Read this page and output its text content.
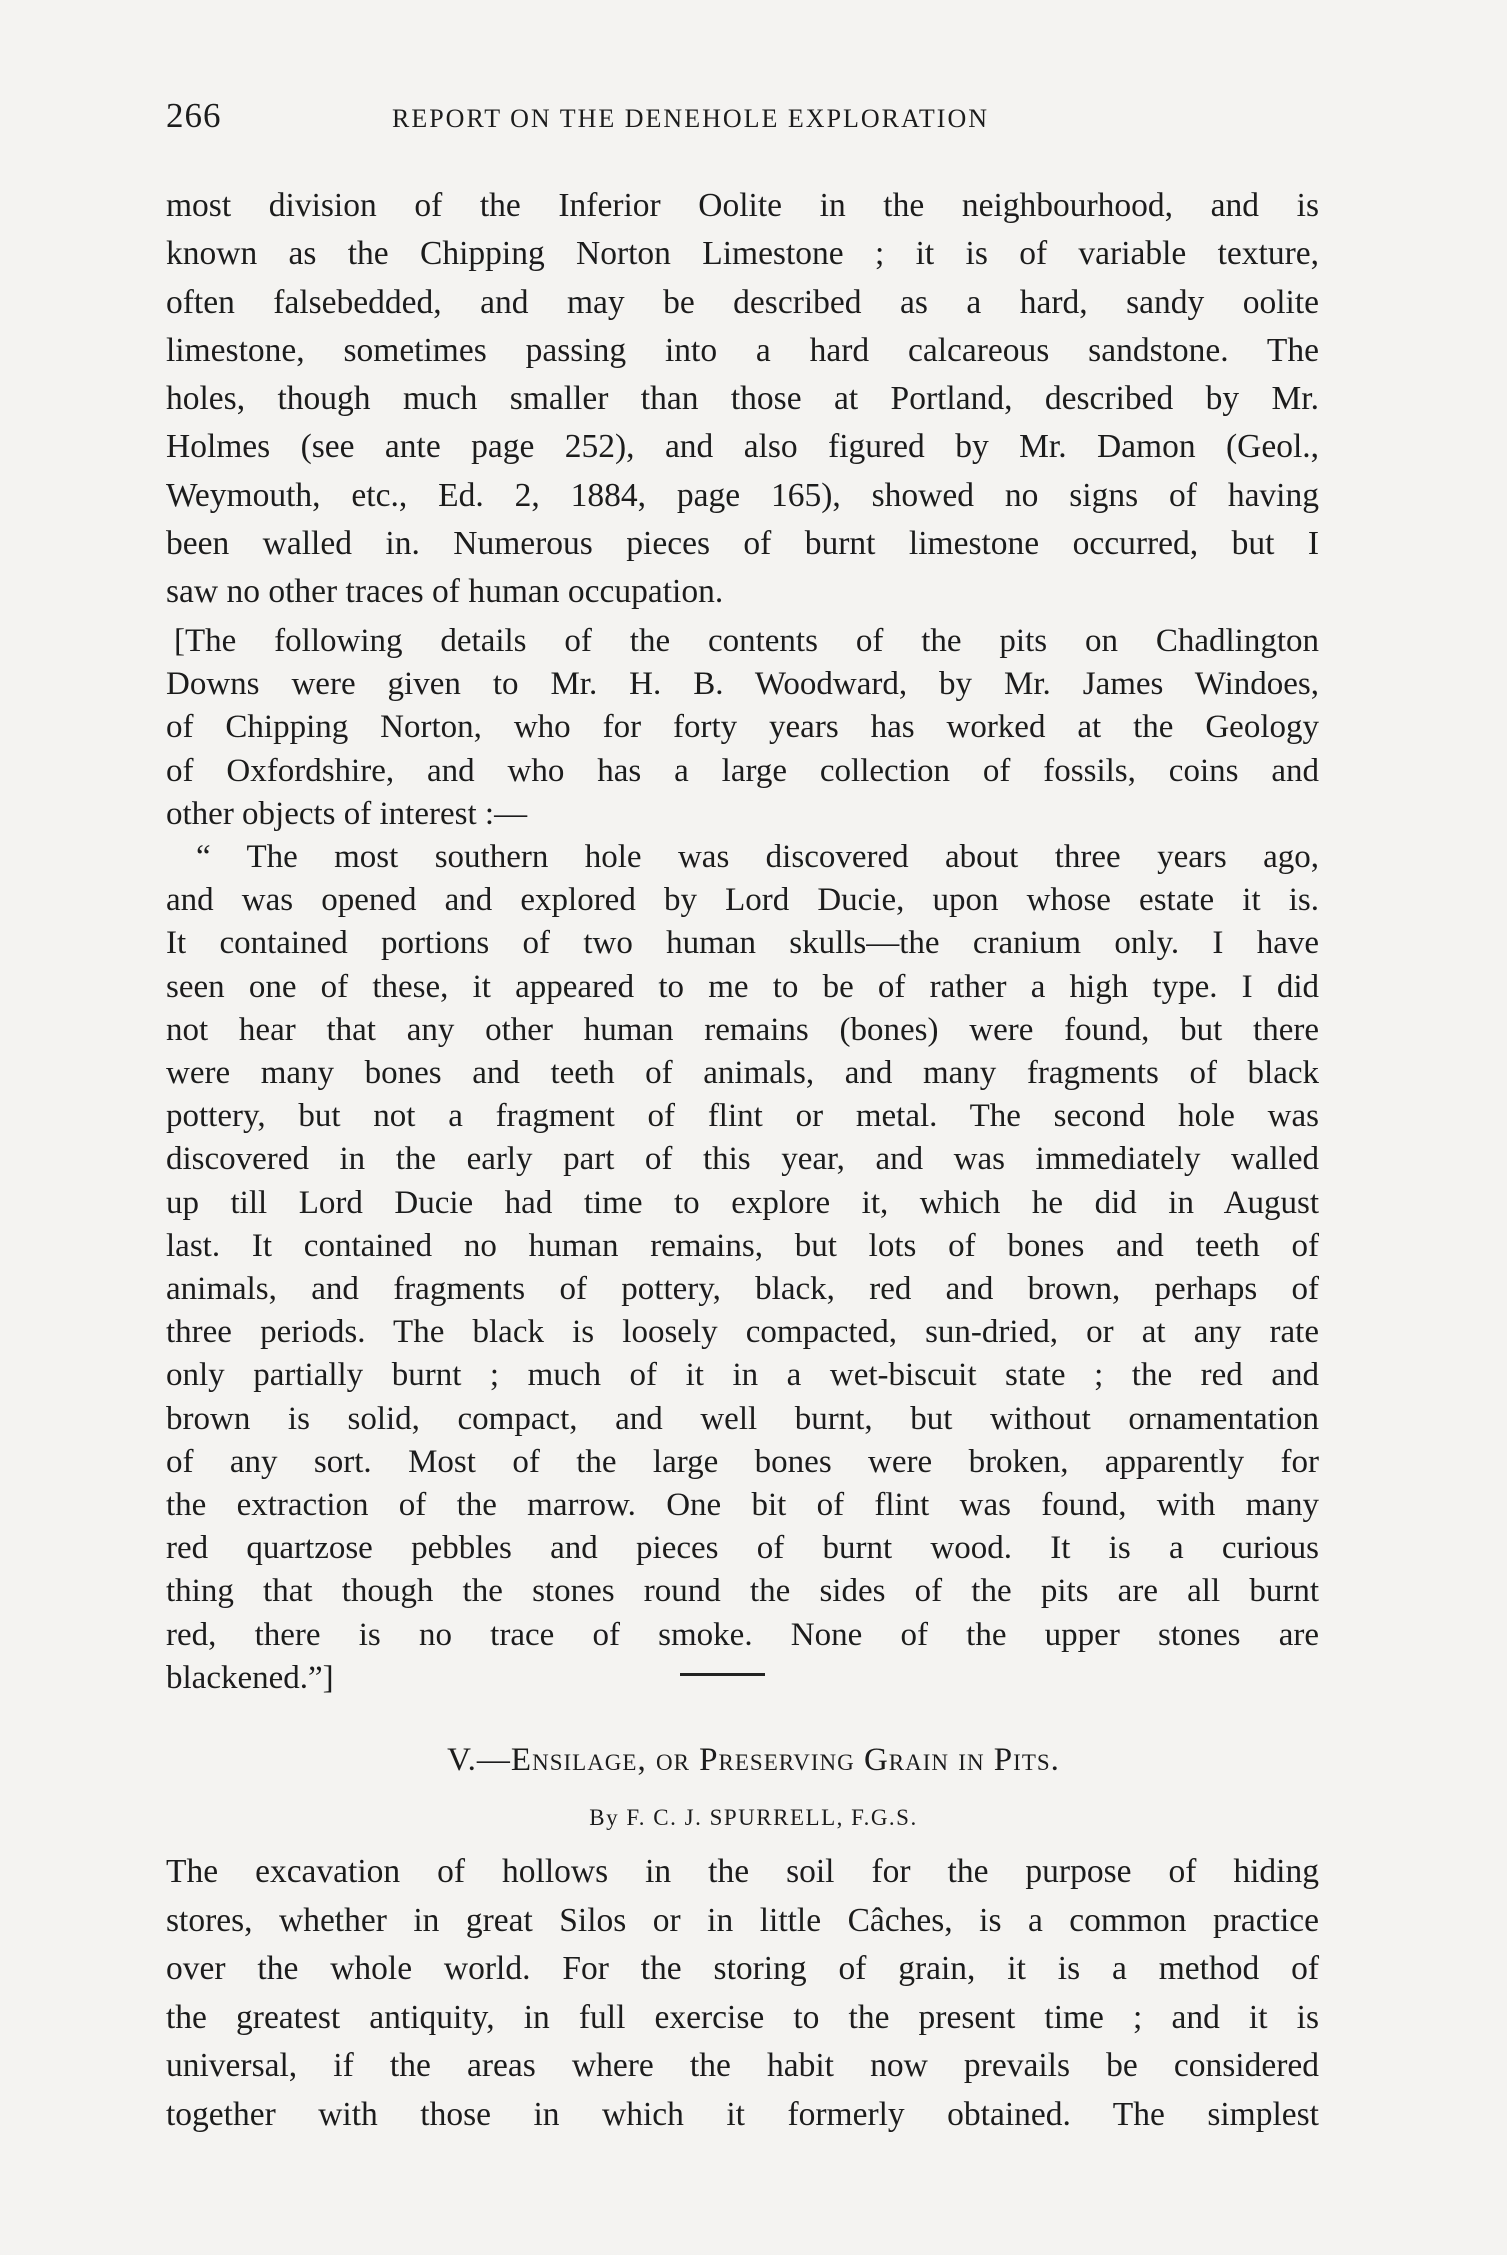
266	REPORT ON THE DENEHOLE EXPLORATION
most division of the Inferior Oolite in the neighbourhood, and is
known as the Chipping Norton Limestone ; it is of variable texture,
often falsebedded, and may be described as a hard, sandy oolite
limestone, sometimes passing into a hard calcareous sandstone. The
holes, though much smaller than those at Portland, described by Mr.
Holmes (see ante page 252), and also figured by Mr. Damon (Geol.,
Weymouth, etc., Ed. 2, 1884, page 165), showed no signs of having
been walled in. Numerous pieces of burnt limestone occurred, but I
saw no other traces of human occupation.
[The following details of the contents of the pits on Chadlington
Downs were given to Mr. H. B. Woodward, by Mr. James Windoes,
of Chipping Norton, who for forty years has worked at the Geology
of Oxfordshire, and who has a large collection of fossils, coins and
other objects of interest :—
“ The most southern hole was discovered about three years ago,
and was opened and explored by Lord Ducie, upon whose estate it is.
It contained portions of two human skulls—the cranium only. I have
seen one of these, it appeared to me to be of rather a high type. I did
not hear that any other human remains (bones) were found, but there
were many bones and teeth of animals, and many fragments of black
pottery, but not a fragment of flint or metal. The second hole was
discovered in the early part of this year, and was immediately walled
up till Lord Ducie had time to explore it, which he did in August
last. It contained no human remains, but lots of bones and teeth of
animals, and fragments of pottery, black, red and brown, perhaps of
three periods. The black is loosely compacted, sun-dried, or at any rate
only partially burnt ; much of it in a wet-biscuit state ; the red and
brown is solid, compact, and well burnt, but without ornamentation
of any sort. Most of the large bones were broken, apparently for
the extraction of the marrow. One bit of flint was found, with many
red quartzose pebbles and pieces of burnt wood. It is a curious
thing that though the stones round the sides of the pits are all burnt
red, there is no trace of smoke. None of the upper stones are
blackened.”]
V.—Ensilage, or Preserving Grain in Pits.
By F. C. J. SPURRELL, F.G.S.
The excavation of hollows in the soil for the purpose of hiding
stores, whether in great Silos or in little Câches, is a common practice
over the whole world. For the storing of grain, it is a method of
the greatest antiquity, in full exercise to the present time ; and it is
universal, if the areas where the habit now prevails be considered
together with those in which it formerly obtained. The simplest
